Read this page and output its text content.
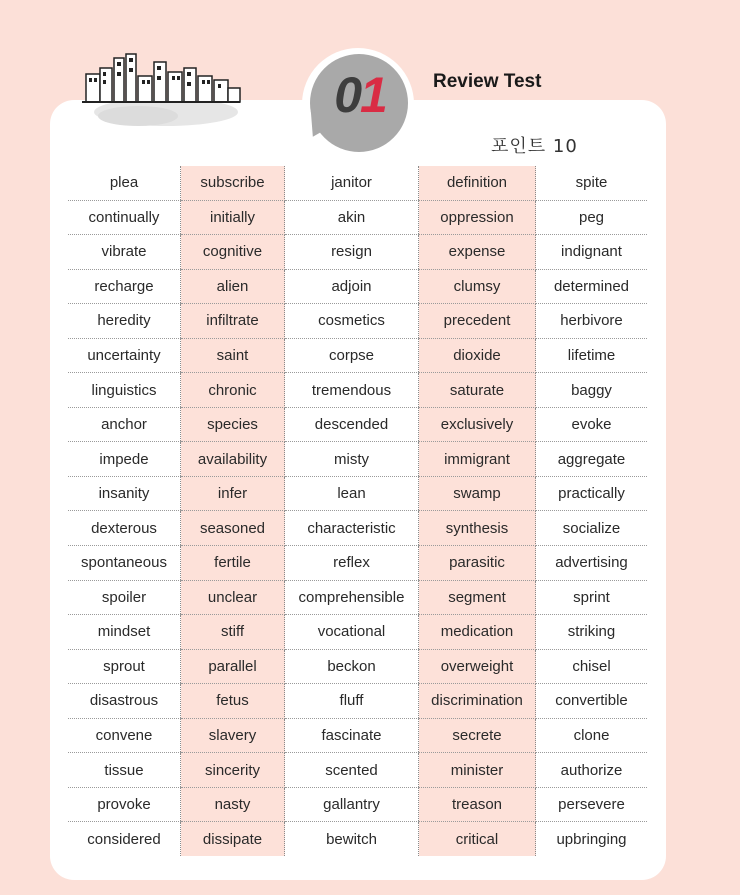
01	Review Test
포인트 10
plea	subscribe	janitor	definition	spite
continually	initially	akin	oppression	peg
vibrate	cognitive	resign	expense	indignant
recharge	alien	adjoin	clumsy	determined
heredity	infiltrate	cosmetics	precedent	herbivore
uncertainty	saint	corpse	dioxide	lifetime
linguistics	chronic	tremendous	saturate	baggy
anchor	species	descended	exclusively	evoke
impede	availability	misty	immigrant	aggregate
insanity	infer	lean	swamp	practically
dexterous	seasoned	characteristic	synthesis	socialize
spontaneous	fertile	reflex	parasitic	advertising
spoiler	unclear	comprehensible	segment	sprint
mindset	stiff	vocational	medication	striking
sprout	parallel	beckon	overweight	chisel
disastrous	fetus	fluff	discrimination	convertible
convene	slavery	fascinate	secrete	clone
tissue	sincerity	scented	minister	authorize
provoke	nasty	gallantry	treason	persevere
considered	dissipate	bewitch	critical	upbringing
